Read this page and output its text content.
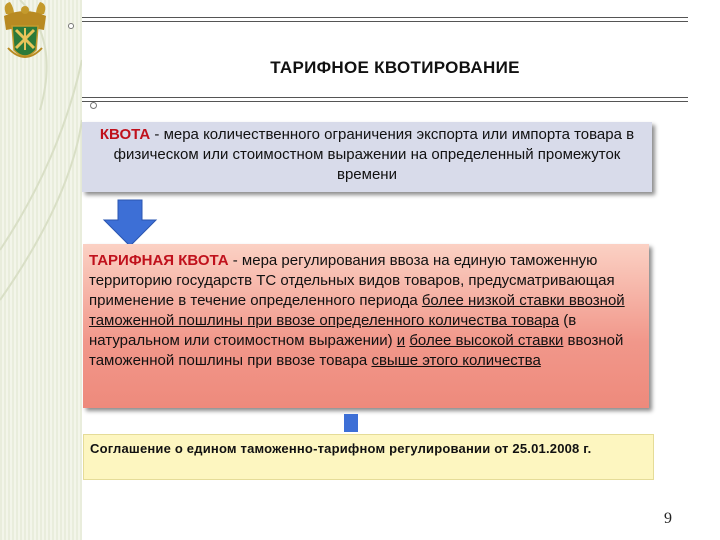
ТАРИФНОЕ КВОТИРОВАНИЕ
КВОТА - мера количественного ограничения экспорта или импорта товара в физическом или стоимостном выражении на определенный промежуток времени
ТАРИФНАЯ КВОТА - мера регулирования ввоза на единую таможенную территорию государств ТС отдельных видов товаров, предусматривающая применение в течение определенного периода более низкой ставки ввозной таможенной пошлины при ввозе определенного количества товара (в натуральном или стоимостном выражении) и более высокой ставки ввозной таможенной пошлины при ввозе товара свыше этого количества
Соглашение о едином таможенно-тарифном регулировании от 25.01.2008 г.
9
